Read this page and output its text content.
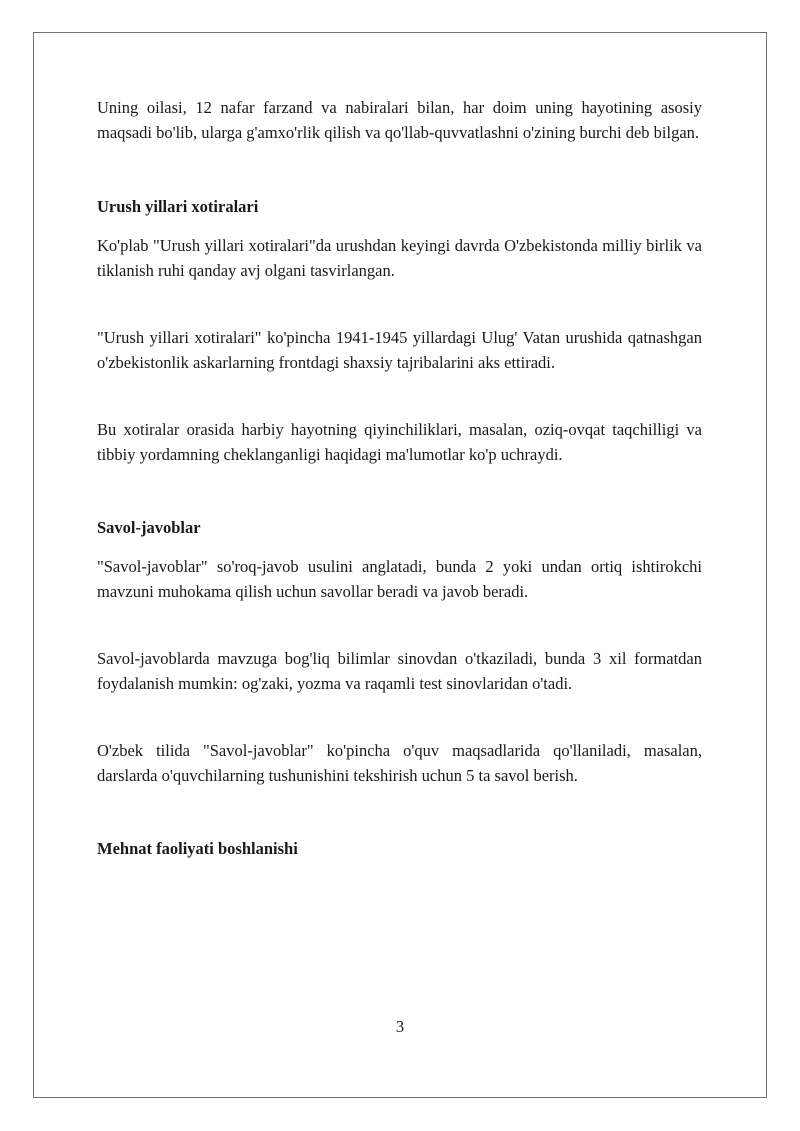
Uning oilasi, 12 nafar farzand va nabiralari bilan, har doim uning hayotining asosiy maqsadi bo'lib, ularga g'amxo'rlik qilish va qo'llab-quvvatlashni o'zining burchi deb bilgan.

Urush yillari xotiralari

Ko'plab "Urush yillari xotiralari"da urushdan keyingi davrda O'zbekistonda milliy birlik va tiklanish ruhi qanday avj olgani tasvirlangan.

"Urush yillari xotiralari" ko'pincha 1941-1945 yillardagi Ulug' Vatan urushida qatnashgan o'zbekistonlik askarlarning frontdagi shaxsiy tajribalarini aks ettiradi.

Bu xotiralar orasida harbiy hayotning qiyinchiliklari, masalan, oziq-ovqat taqchilligi va tibbiy yordamning cheklanganligi haqidagi ma'lumotlar ko'p uchraydi.

Savol-javoblar

"Savol-javoblar" so'roq-javob usulini anglatadi, bunda 2 yoki undan ortiq ishtirokchi mavzuni muhokama qilish uchun savollar beradi va javob beradi.

Savol-javoblarda mavzuga bog'liq bilimlar sinovdan o'tkaziladi, bunda 3 xil formatdan foydalanish mumkin: og'zaki, yozma va raqamli test sinovlaridan o'tadi.

O'zbek tilida "Savol-javoblar" ko'pincha o'quv maqsadlarida qo'llaniladi, masalan, darslarda o'quvchilarning tushunishini tekshirish uchun 5 ta savol berish.

Mehnat faoliyati boshlanishi

3
